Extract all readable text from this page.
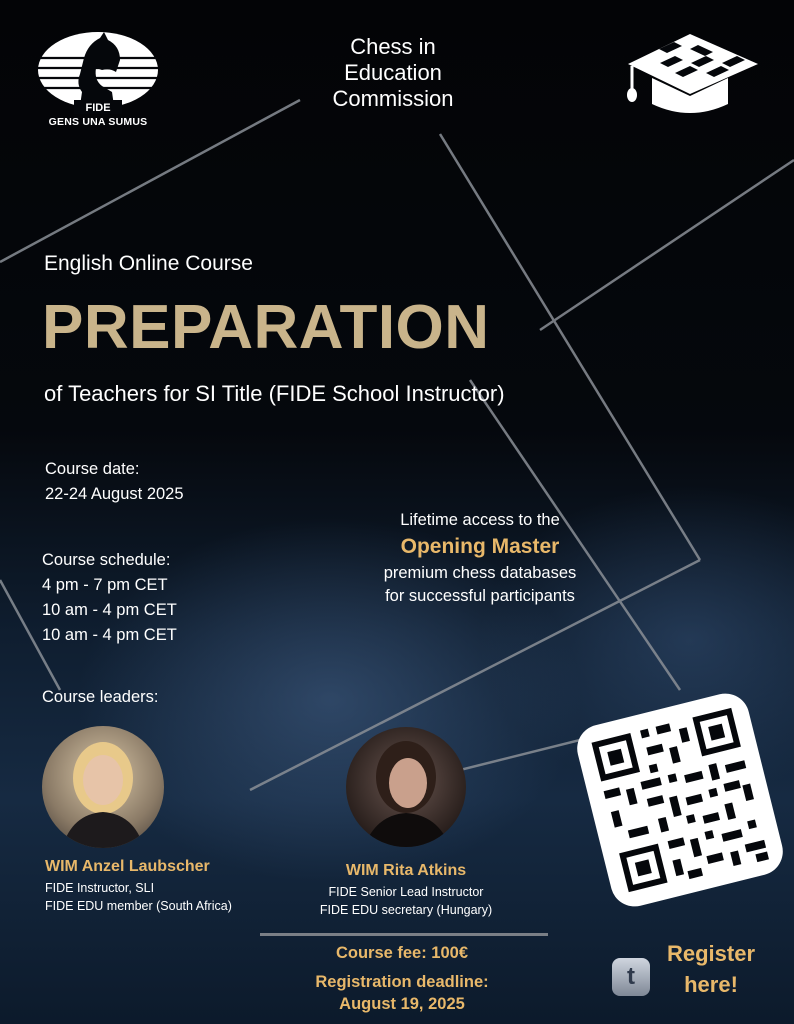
FIDE
GENS UNA SUMUS
Chess in
Education
Commission
English Online Course
PREPARATION
of Teachers for SI Title (FIDE School Instructor)
Course date:
22-24 August 2025
Course schedule:
4 pm - 7 pm CET
10 am - 4 pm CET
10 am - 4 pm CET
Course leaders:
Lifetime access to the
Opening Master
premium chess databases
for successful participants
WIM Anzel Laubscher
FIDE Instructor, SLI
FIDE EDU member (South Africa)
WIM Rita Atkins
FIDE Senior Lead Instructor
FIDE EDU secretary (Hungary)
Course fee: 100€
Registration deadline:
August 19, 2025
t
Register
here!
